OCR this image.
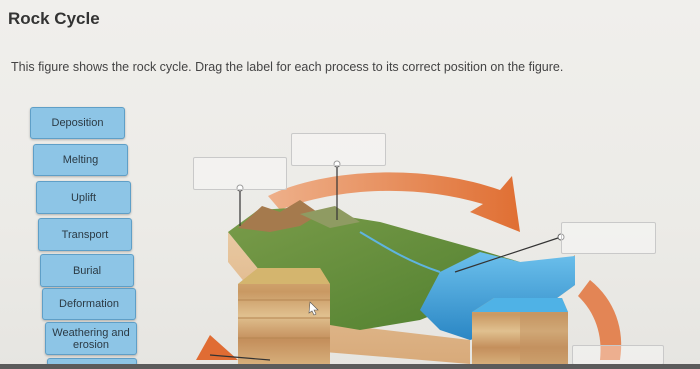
Rock Cycle
This figure shows the rock cycle. Drag the label for each process to its correct position on the figure.
Deposition
Melting
Uplift
Transport
Burial
Deformation
Weathering and erosion
